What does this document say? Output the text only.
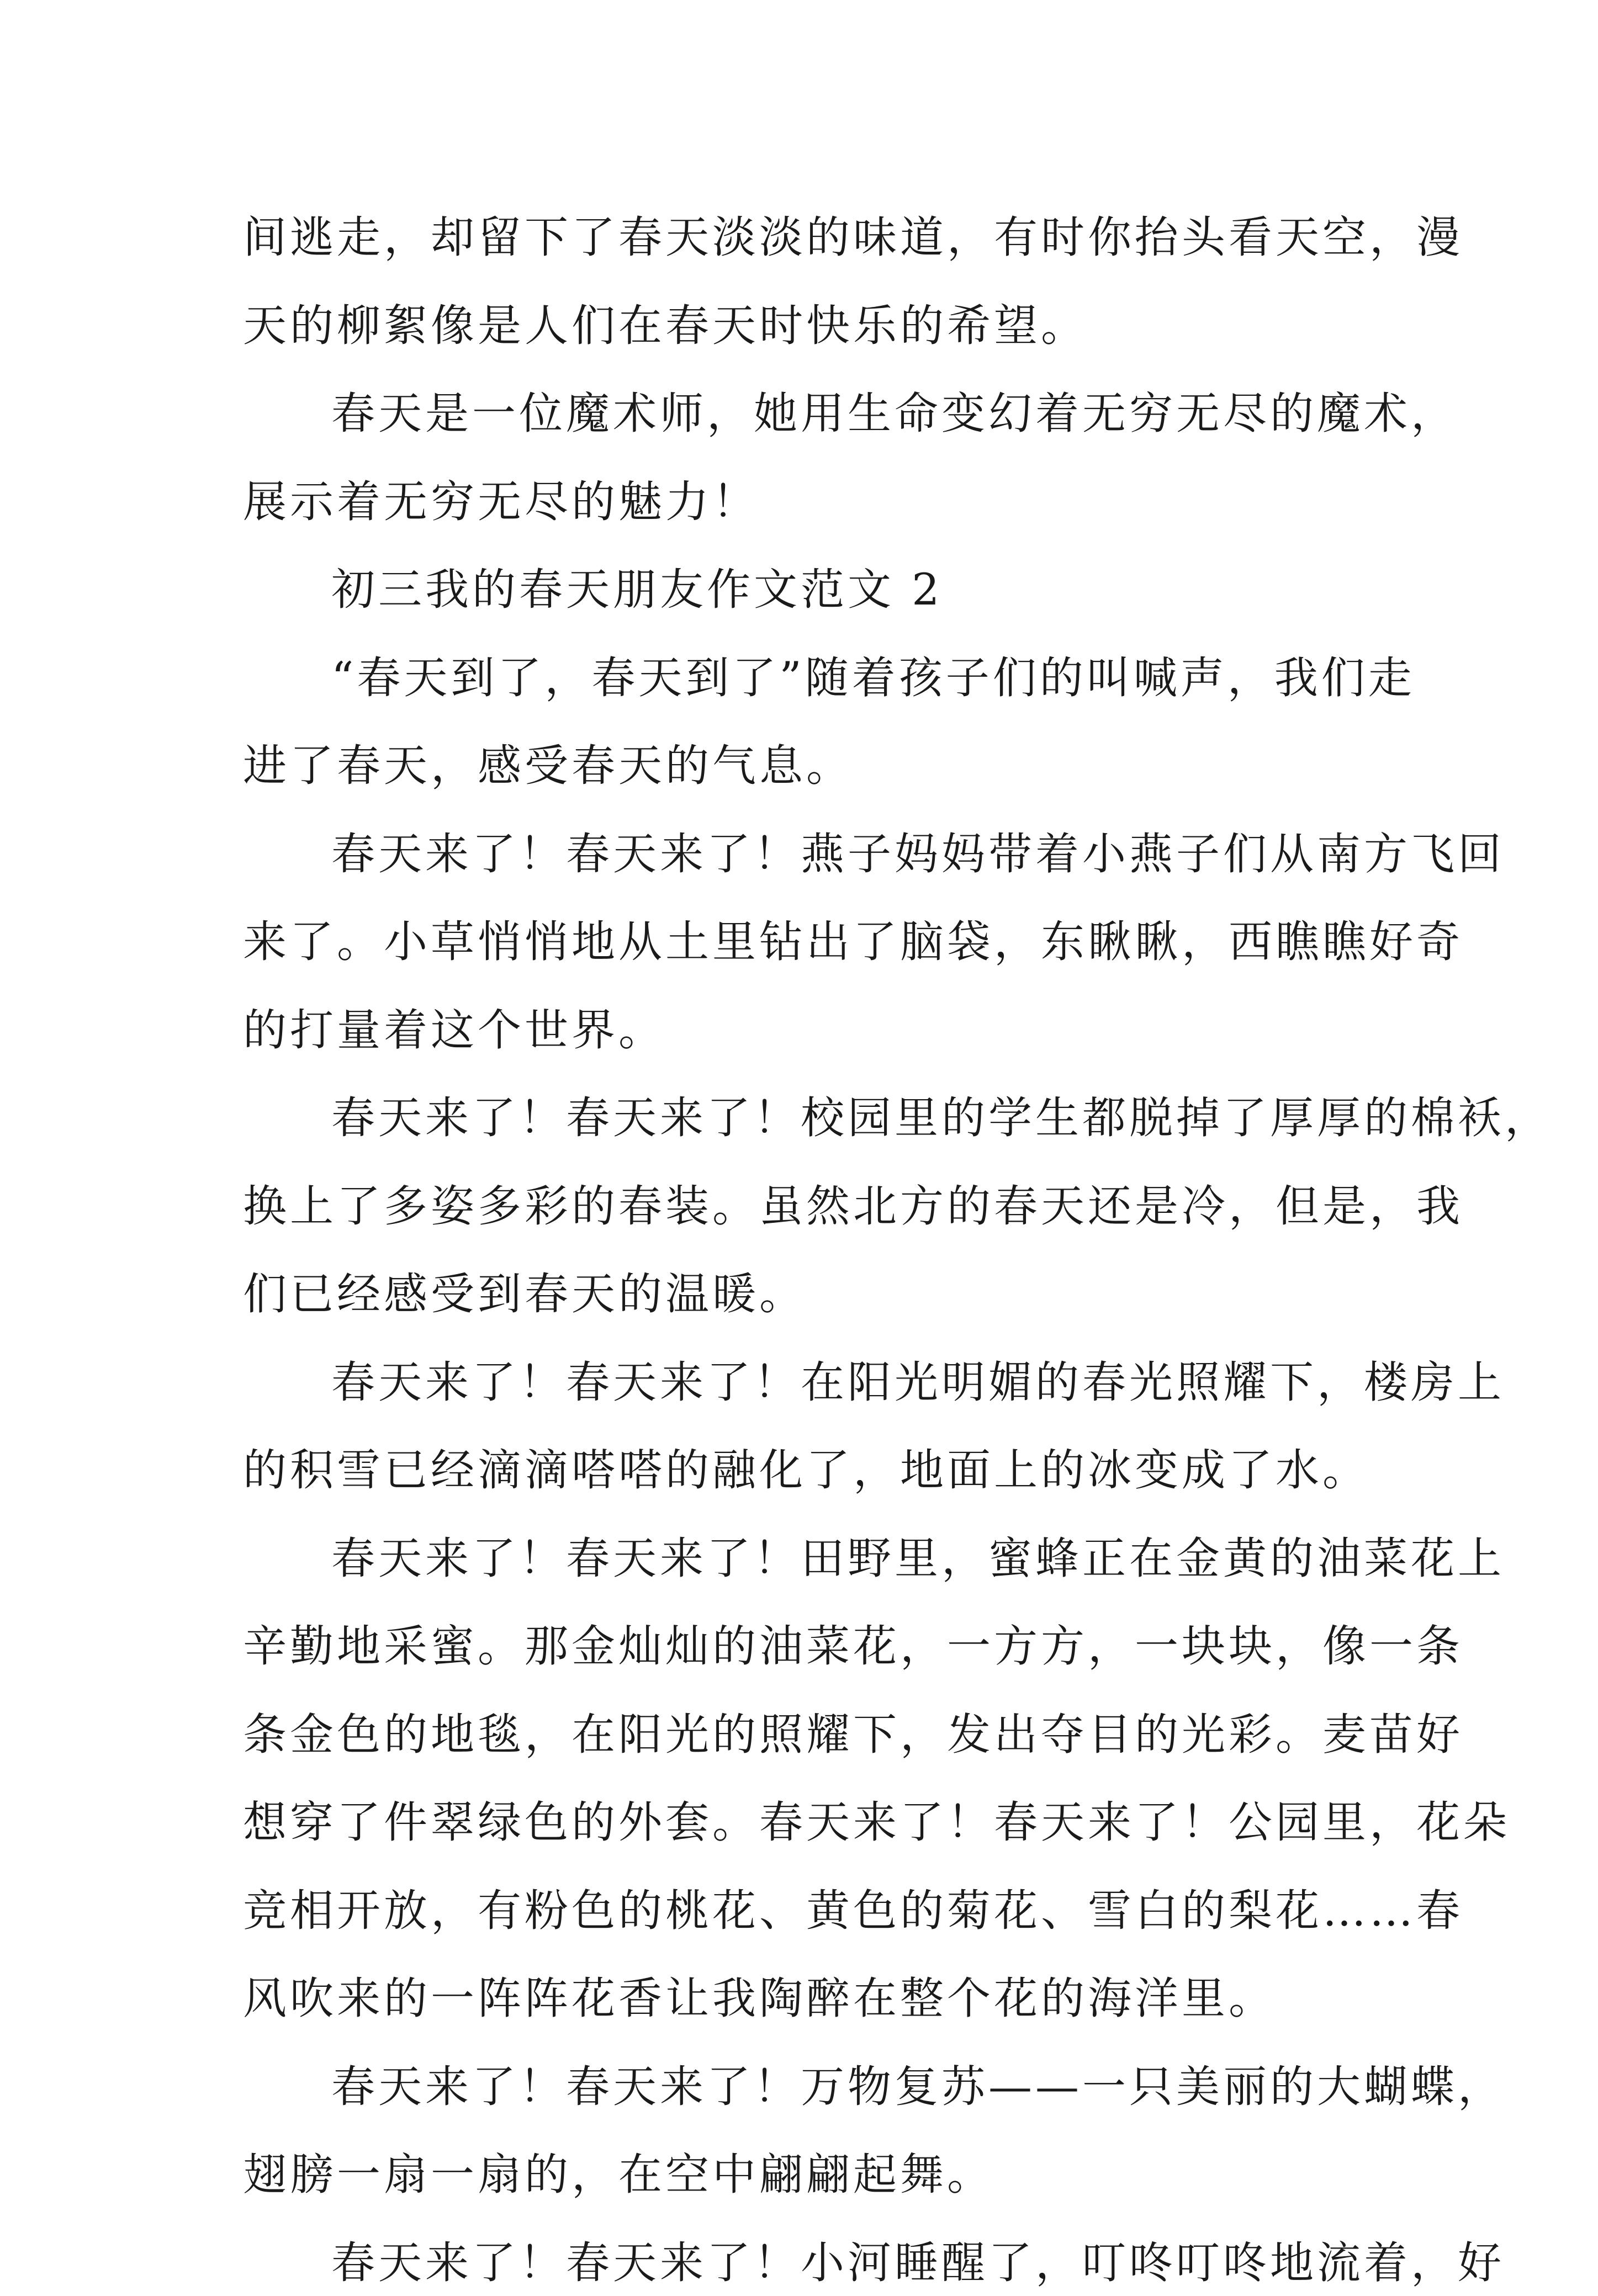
间逃走，却留下了春天淡淡的味道，有时你抬头看天空，漫
天的柳絮像是人们在春天时快乐的希望。
春天是一位魔术师，她用生命变幻着无穷无尽的魔术，
展示着无穷无尽的魅力！
初三我的春天朋友作文范文 2
“春天到了，春天到了”随着孩子们的叫喊声，我们走
进了春天，感受春天的气息。
春天来了！春天来了！燕子妈妈带着小燕子们从南方飞回
来了。小草悄悄地从土里钻出了脑袋，东瞅瞅，西瞧瞧好奇
的打量着这个世界。
春天来了！春天来了！校园里的学生都脱掉了厚厚的棉袄，
换上了多姿多彩的春装。虽然北方的春天还是冷，但是，我
们已经感受到春天的温暖。
春天来了！春天来了！在阳光明媚的春光照耀下，楼房上
的积雪已经滴滴嗒嗒的融化了，地面上的冰变成了水。
春天来了！春天来了！田野里，蜜蜂正在金黄的油菜花上
辛勤地采蜜。那金灿灿的油菜花，一方方，一块块，像一条
条金色的地毯，在阳光的照耀下，发出夺目的光彩。麦苗好
想穿了件翠绿色的外套。春天来了！春天来了！公园里，花朵
竞相开放，有粉色的桃花、黄色的菊花、雪白的梨花……春
风吹来的一阵阵花香让我陶醉在整个花的海洋里。
春天来了！春天来了！万物复苏——一只美丽的大蝴蝶，
翅膀一扇一扇的，在空中翩翩起舞。
春天来了！春天来了！小河睡醒了，叮咚叮咚地流着，好
